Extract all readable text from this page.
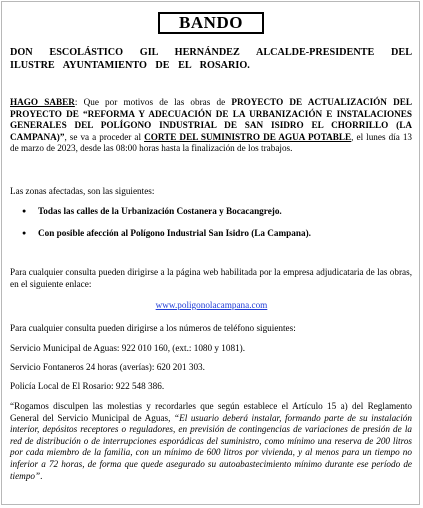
BANDO

DON ESCOLÁSTICO GIL HERNÁNDEZ ALCALDE-PRESIDENTE DEL ILUSTRE AYUNTAMIENTO DE EL ROSARIO.

HAGO SABER: Que por motivos de las obras de PROYECTO DE ACTUALIZACIÓN DEL PROYECTO DE “REFORMA Y ADECUACIÓN DE LA URBANIZACIÓN E INSTALACIONES GENERALES DEL POLÍGONO INDUSTRIAL DE SAN ISIDRO EL CHORRILLO (LA CAMPANA)”, se va a proceder al CORTE DEL SUMINISTRO DE AGUA POTABLE, el lunes día 13 de marzo de 2023, desde las 08:00 horas hasta la finalización de los trabajos.

Las zonas afectadas, son las siguientes:

● Todas las calles de la Urbanización Costanera y Bocacangrejo.
● Con posible afección al Polígono Industrial San Isidro (La Campana).

Para cualquier consulta pueden dirigirse a la página web habilitada por la empresa adjudicataria de las obras, en el siguiente enlace:

www.poligonolacampana.com

Para cualquier consulta pueden dirigirse a los números de teléfono siguientes:

Servicio Municipal de Aguas: 922 010 160, (ext.: 1080 y 1081).

Servicio Fontaneros 24 horas (averías): 620 201 303.

Policía Local de El Rosario: 922 548 386.

“Rogamos disculpen las molestias y recordarles que según establece el Artículo 15 a) del Reglamento General del Servicio Municipal de Aguas, “El usuario deberá instalar, formando parte de su instalación interior, depósitos receptores o reguladores, en previsión de contingencias de variaciones de presión de la red de distribución o de interrupciones esporádicas del suministro, como mínimo una reserva de 200 litros por cada miembro de la familia, con un mínimo de 600 litros por vivienda, y al menos para un tiempo no inferior a 72 horas, de forma que quede asegurado su autoabastecimiento mínimo durante ese período de tiempo”.
